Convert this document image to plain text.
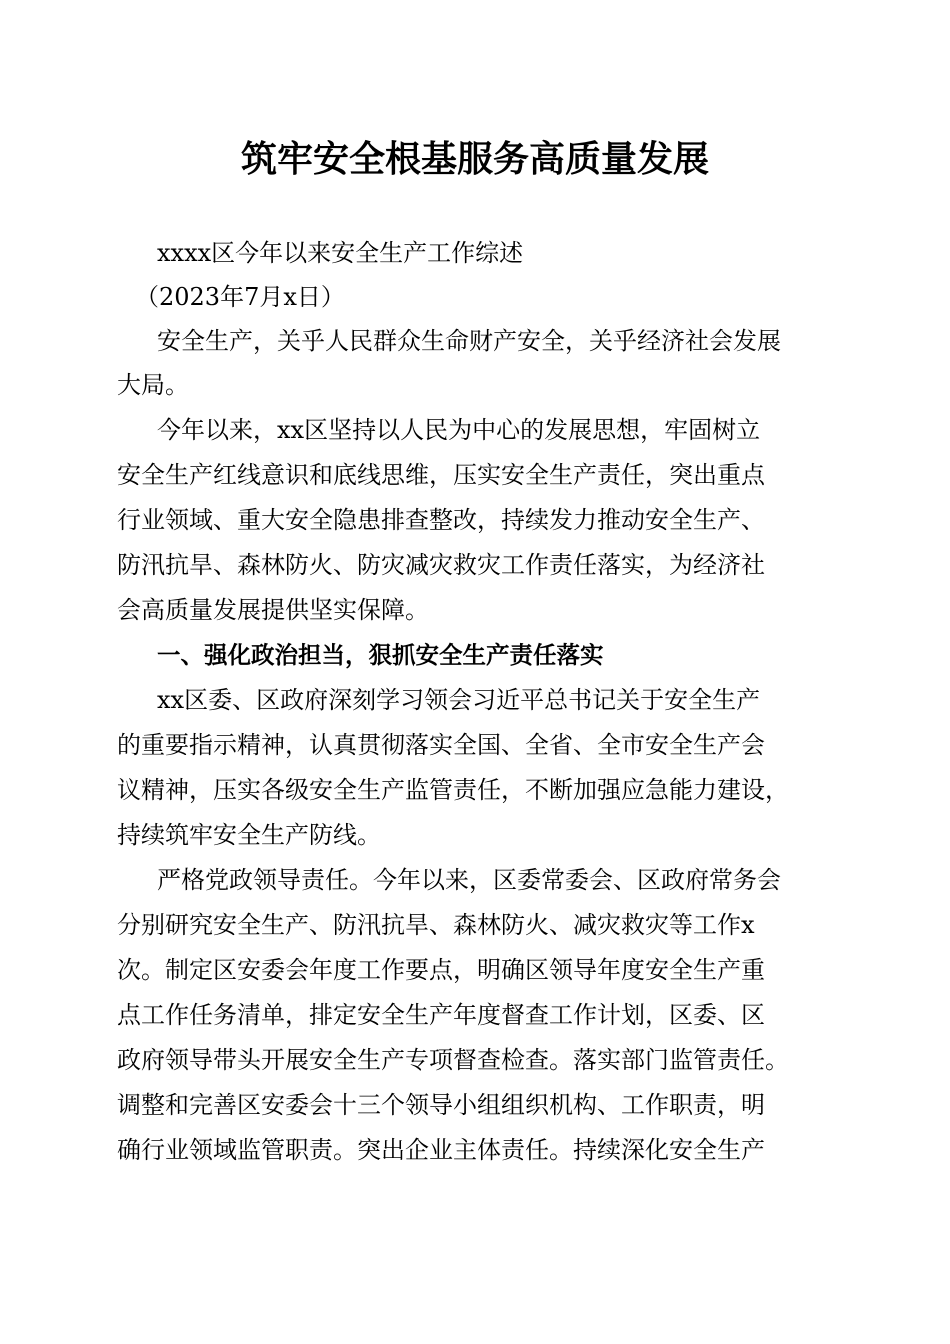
筑牢安全根基服务高质量发展
xxxx区今年以来安全生产工作综述
（2023年7月x日）
安全生产，关乎人民群众生命财产安全，关乎经济社会发展
大局。
今年以来，xx区坚持以人民为中心的发展思想，牢固树立
安全生产红线意识和底线思维，压实安全生产责任，突出重点
行业领域、重大安全隐患排查整改，持续发力推动安全生产、
防汛抗旱、森林防火、防灾减灾救灾工作责任落实，为经济社
会高质量发展提供坚实保障。
一、强化政治担当，狠抓安全生产责任落实
xx区委、区政府深刻学习领会习近平总书记关于安全生产
的重要指示精神，认真贯彻落实全国、全省、全市安全生产会
议精神，压实各级安全生产监管责任，不断加强应急能力建设，
持续筑牢安全生产防线。
严格党政领导责任。今年以来，区委常委会、区政府常务会
分别研究安全生产、防汛抗旱、森林防火、减灾救灾等工作x
次。制定区安委会年度工作要点，明确区领导年度安全生产重
点工作任务清单，排定安全生产年度督查工作计划，区委、区
政府领导带头开展安全生产专项督查检查。落实部门监管责任。
调整和完善区安委会十三个领导小组组织机构、工作职责，明
确行业领域监管职责。突出企业主体责任。持续深化安全生产
